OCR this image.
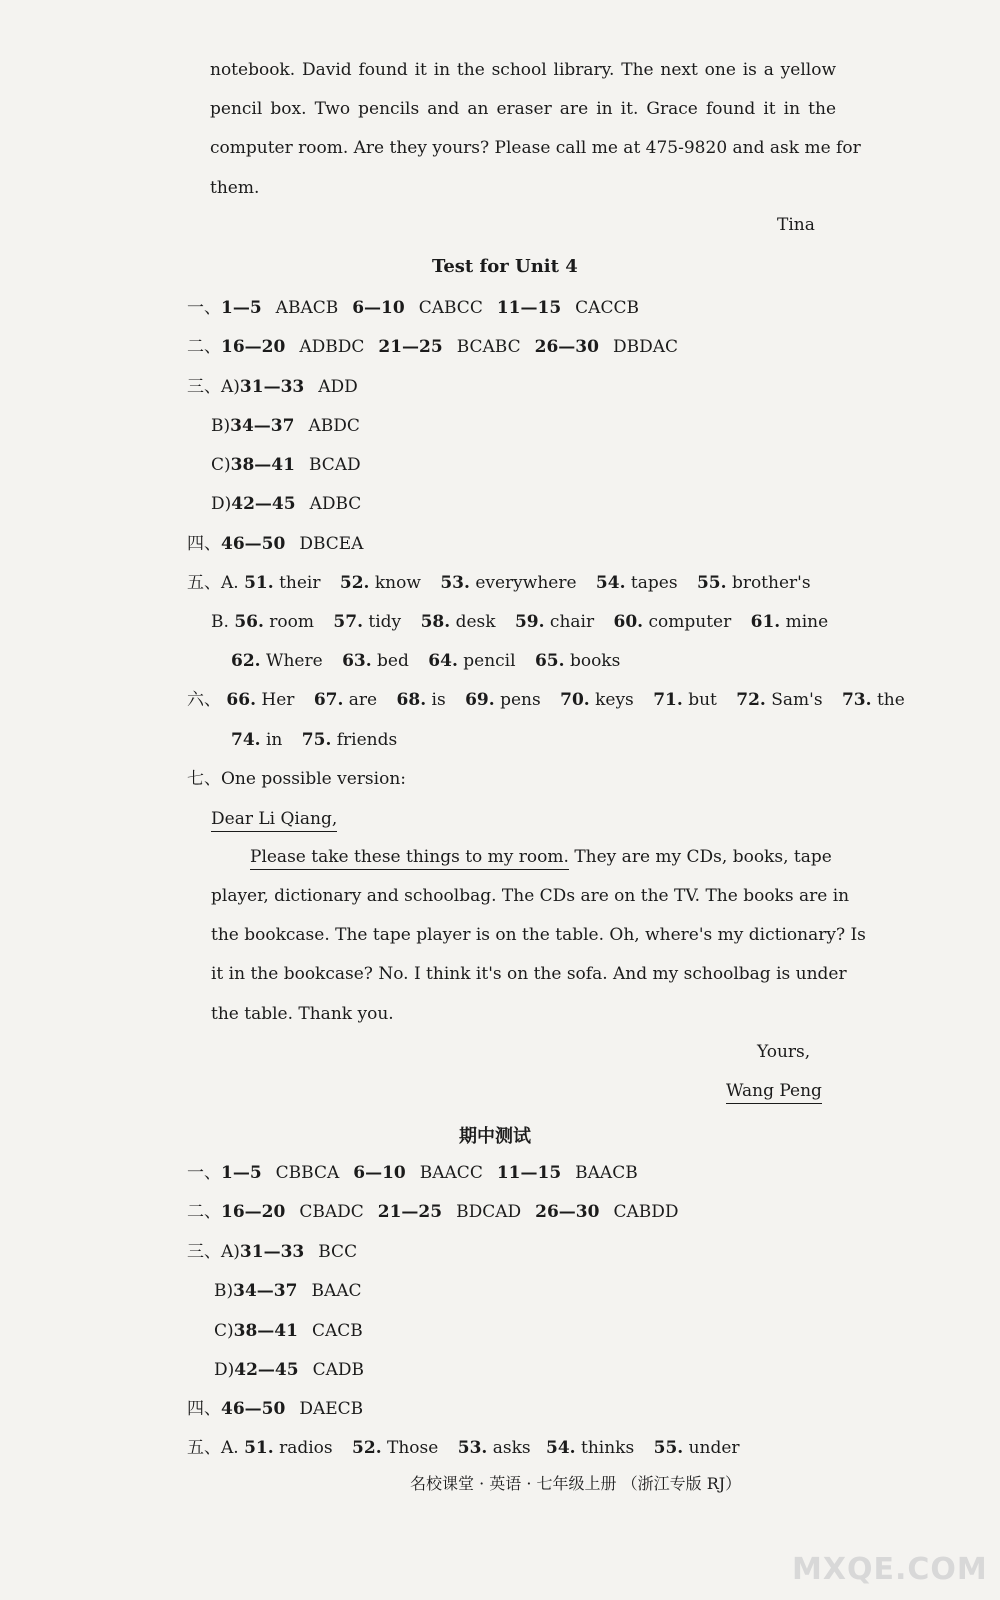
notebook. David found it in the school library. The next one is a yellow
pencil box. Two pencils and an eraser are in it. Grace found it in the
computer room. Are they yours? Please call me at 475-9820 and ask me for
them.
Tina
Test for Unit 4
一、1—5 ABACB 6—10 CABCC 11—15 CACCB
二、16—20 ADBDC 21—25 BCABC 26—30 DBDAC
三、A)31—33 ADD
B)34—37 ABDC
C)38—41 BCAD
D)42—45 ADBC
四、46—50 DBCEA
五、A. 51. their 52. know 53. everywhere 54. tapes 55. brother's
B. 56. room 57. tidy 58. desk 59. chair 60. computer 61. mine
62. Where 63. bed 64. pencil 65. books
六、 66. Her 67. are 68. is 69. pens 70. keys 71. but 72. Sam's 73. the
74. in 75. friends
七、One possible version:
Dear Li Qiang,
Please take these things to my room. They are my CDs, books, tape
player, dictionary and schoolbag. The CDs are on the TV. The books are in
the bookcase. The tape player is on the table. Oh, where's my dictionary? Is
it in the bookcase? No. I think it's on the sofa. And my schoolbag is under
the table. Thank you.
Yours,
Wang Peng
期中测试
一、1—5 CBBCA 6—10 BAACC 11—15 BAACB
二、16—20 CBADC 21—25 BDCAD 26—30 CABDD
三、A)31—33 BCC
B)34—37 BAAC
C)38—41 CACB
D)42—45 CADB
四、46—50 DAECB
五、A. 51. radios 52. Those 53. asks 54. thinks 55. under
名校课堂 · 英语 · 七年级上册 （浙江专版 RJ）
MXQE.COM
